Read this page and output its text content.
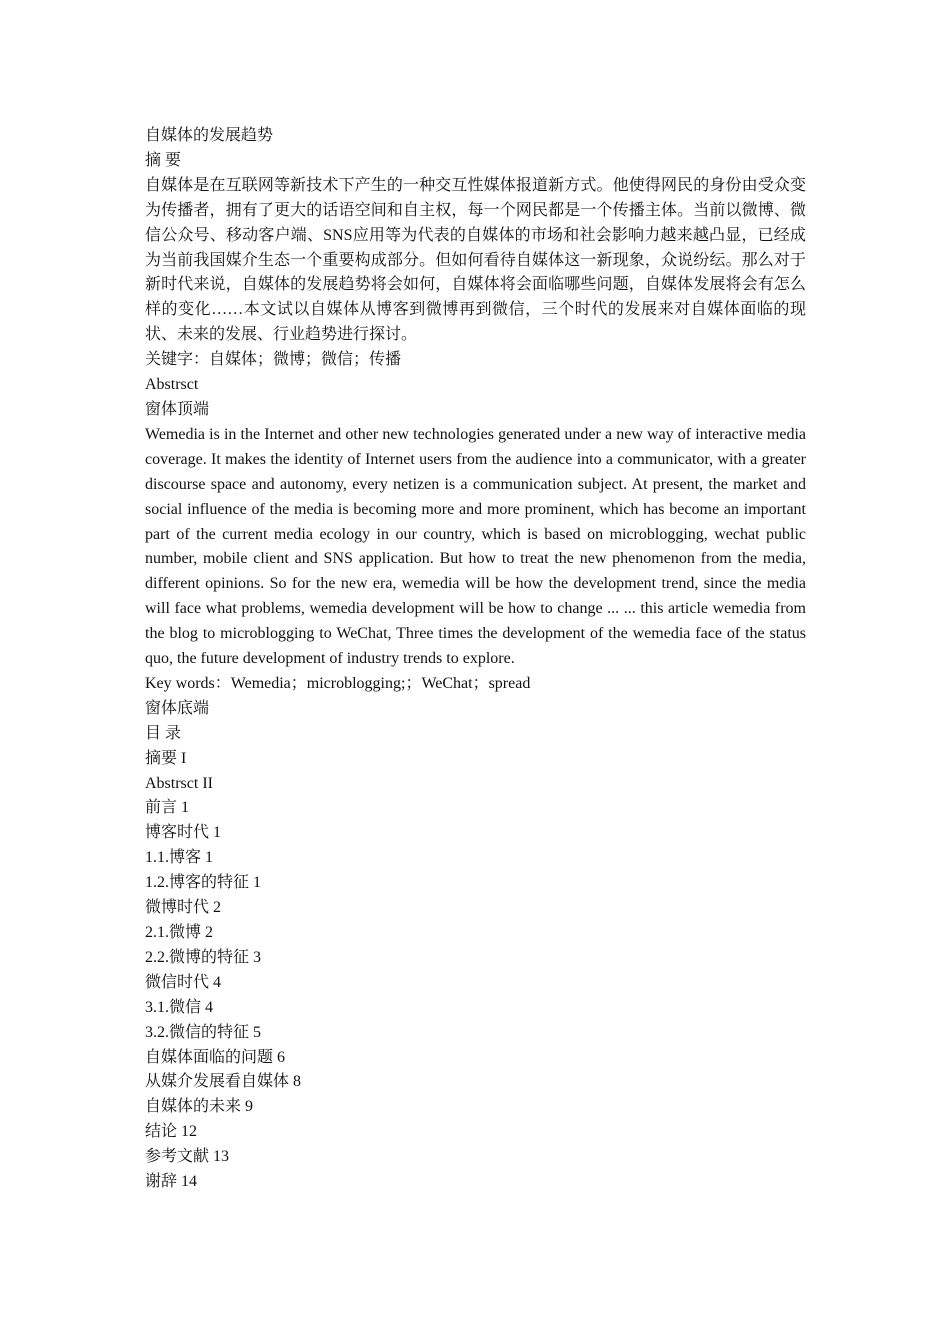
自媒体的发展趋势

摘 要

自媒体是在互联网等新技术下产生的一种交互性媒体报道新方式。他使得网民的身份由受众变为传播者，拥有了更大的话语空间和自主权，每一个网民都是一个传播主体。当前以微博、微信公众号、移动客户端、SNS应用等为代表的自媒体的市场和社会影响力越来越凸显，已经成为当前我国媒介生态一个重要构成部分。但如何看待自媒体这一新现象，众说纷纭。那么对于新时代来说，自媒体的发展趋势将会如何，自媒体将会面临哪些问题，自媒体发展将会有怎么样的变化……本文试以自媒体从博客到微博再到微信，三个时代的发展来对自媒体面临的现状、未来的发展、行业趋势进行探讨。

关键字：自媒体；微博；微信；传播

Abstrsct

窗体顶端

Wemedia is in the Internet and other new technologies generated under a new way of interactive media coverage. It makes the identity of Internet users from the audience into a communicator, with a greater discourse space and autonomy, every netizen is a communication subject. At present, the market and social influence of the media is becoming more and more prominent, which has become an important part of the current media ecology in our country, which is based on microblogging, wechat public number, mobile client and SNS application. But how to treat the new phenomenon from the media, different opinions. So for the new era, wemedia will be how the development trend, since the media will face what problems, wemedia development will be how to change ... ... this article wemedia from the blog to microblogging to WeChat, Three times the development of the wemedia face of the status quo, the future development of industry trends to explore.

Key words：Wemedia；microblogging;；WeChat；spread

窗体底端

目 录

摘要 I
Abstrsct II
前言 1
博客时代 1
1.1.博客 1
1.2.博客的特征 1
微博时代 2
2.1.微博 2
2.2.微博的特征 3
微信时代 4
3.1.微信 4
3.2.微信的特征 5
自媒体面临的问题 6
从媒介发展看自媒体 8
自媒体的未来 9
结论 12
参考文献 13
谢辞 14
